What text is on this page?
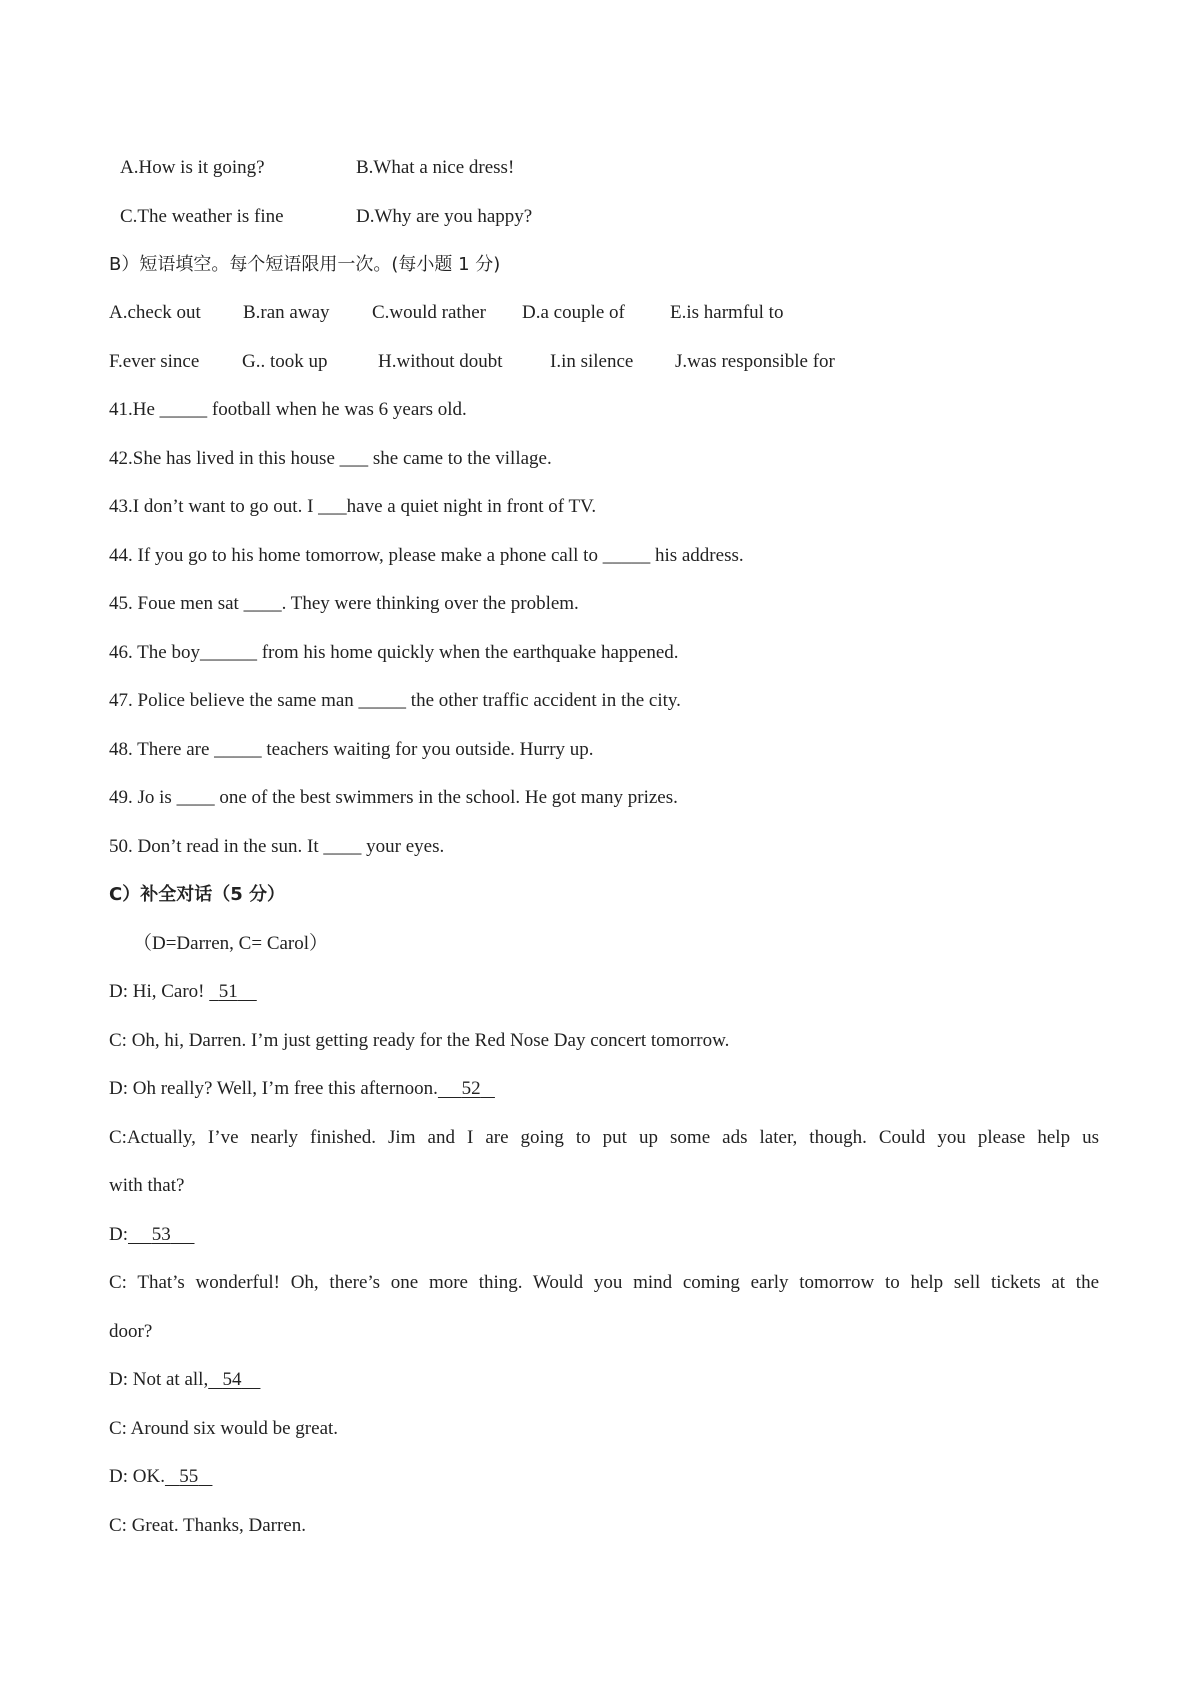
A.How is it going?	B.What a nice dress!
C.The weather is fine	D.Why are you happy?
B）短语填空。每个短语限用一次。(每小题 1 分)
A.check out B.ran away C.would rather D.a couple of E.is harmful to
F.ever since G.. took up	H.without doubt I.in silence J.was responsible for
41.He _____ football when he was 6 years old.
42.She has lived in this house ___ she came to the village.
43.I don’t want to go out. I ___have a quiet night in front of TV.
44. If you go to his home tomorrow, please make a phone call to _____ his address.
45. Foue men sat ____. They were thinking over the problem.
46. The boy______ from his home quickly when the earthquake happened.
47. Police believe the same man _____ the other traffic accident in the city.
48. There are _____ teachers waiting for you outside. Hurry up.
49. Jo is ____ one of the best swimmers in the school. He got many prizes.
50. Don’t read in the sun. It ____ your eyes.
C）补全对话（5 分）
（D=Darren, C= Carol）
D: Hi, Caro! 51
C: Oh, hi, Darren. I’m just getting ready for the Red Nose Day concert tomorrow.
D: Oh really? Well, I’m free this afternoon. 52
C:Actually, I’ve nearly finished. Jim and I are going to put up some ads later, though. Could you please help us
with that?
D: 53
C: That’s wonderful! Oh, there’s one more thing. Would you mind coming early tomorrow to help sell tickets at the
door?
D: Not at all, 54
C: Around six would be great.
D: OK. 55
C: Great. Thanks, Darren.
